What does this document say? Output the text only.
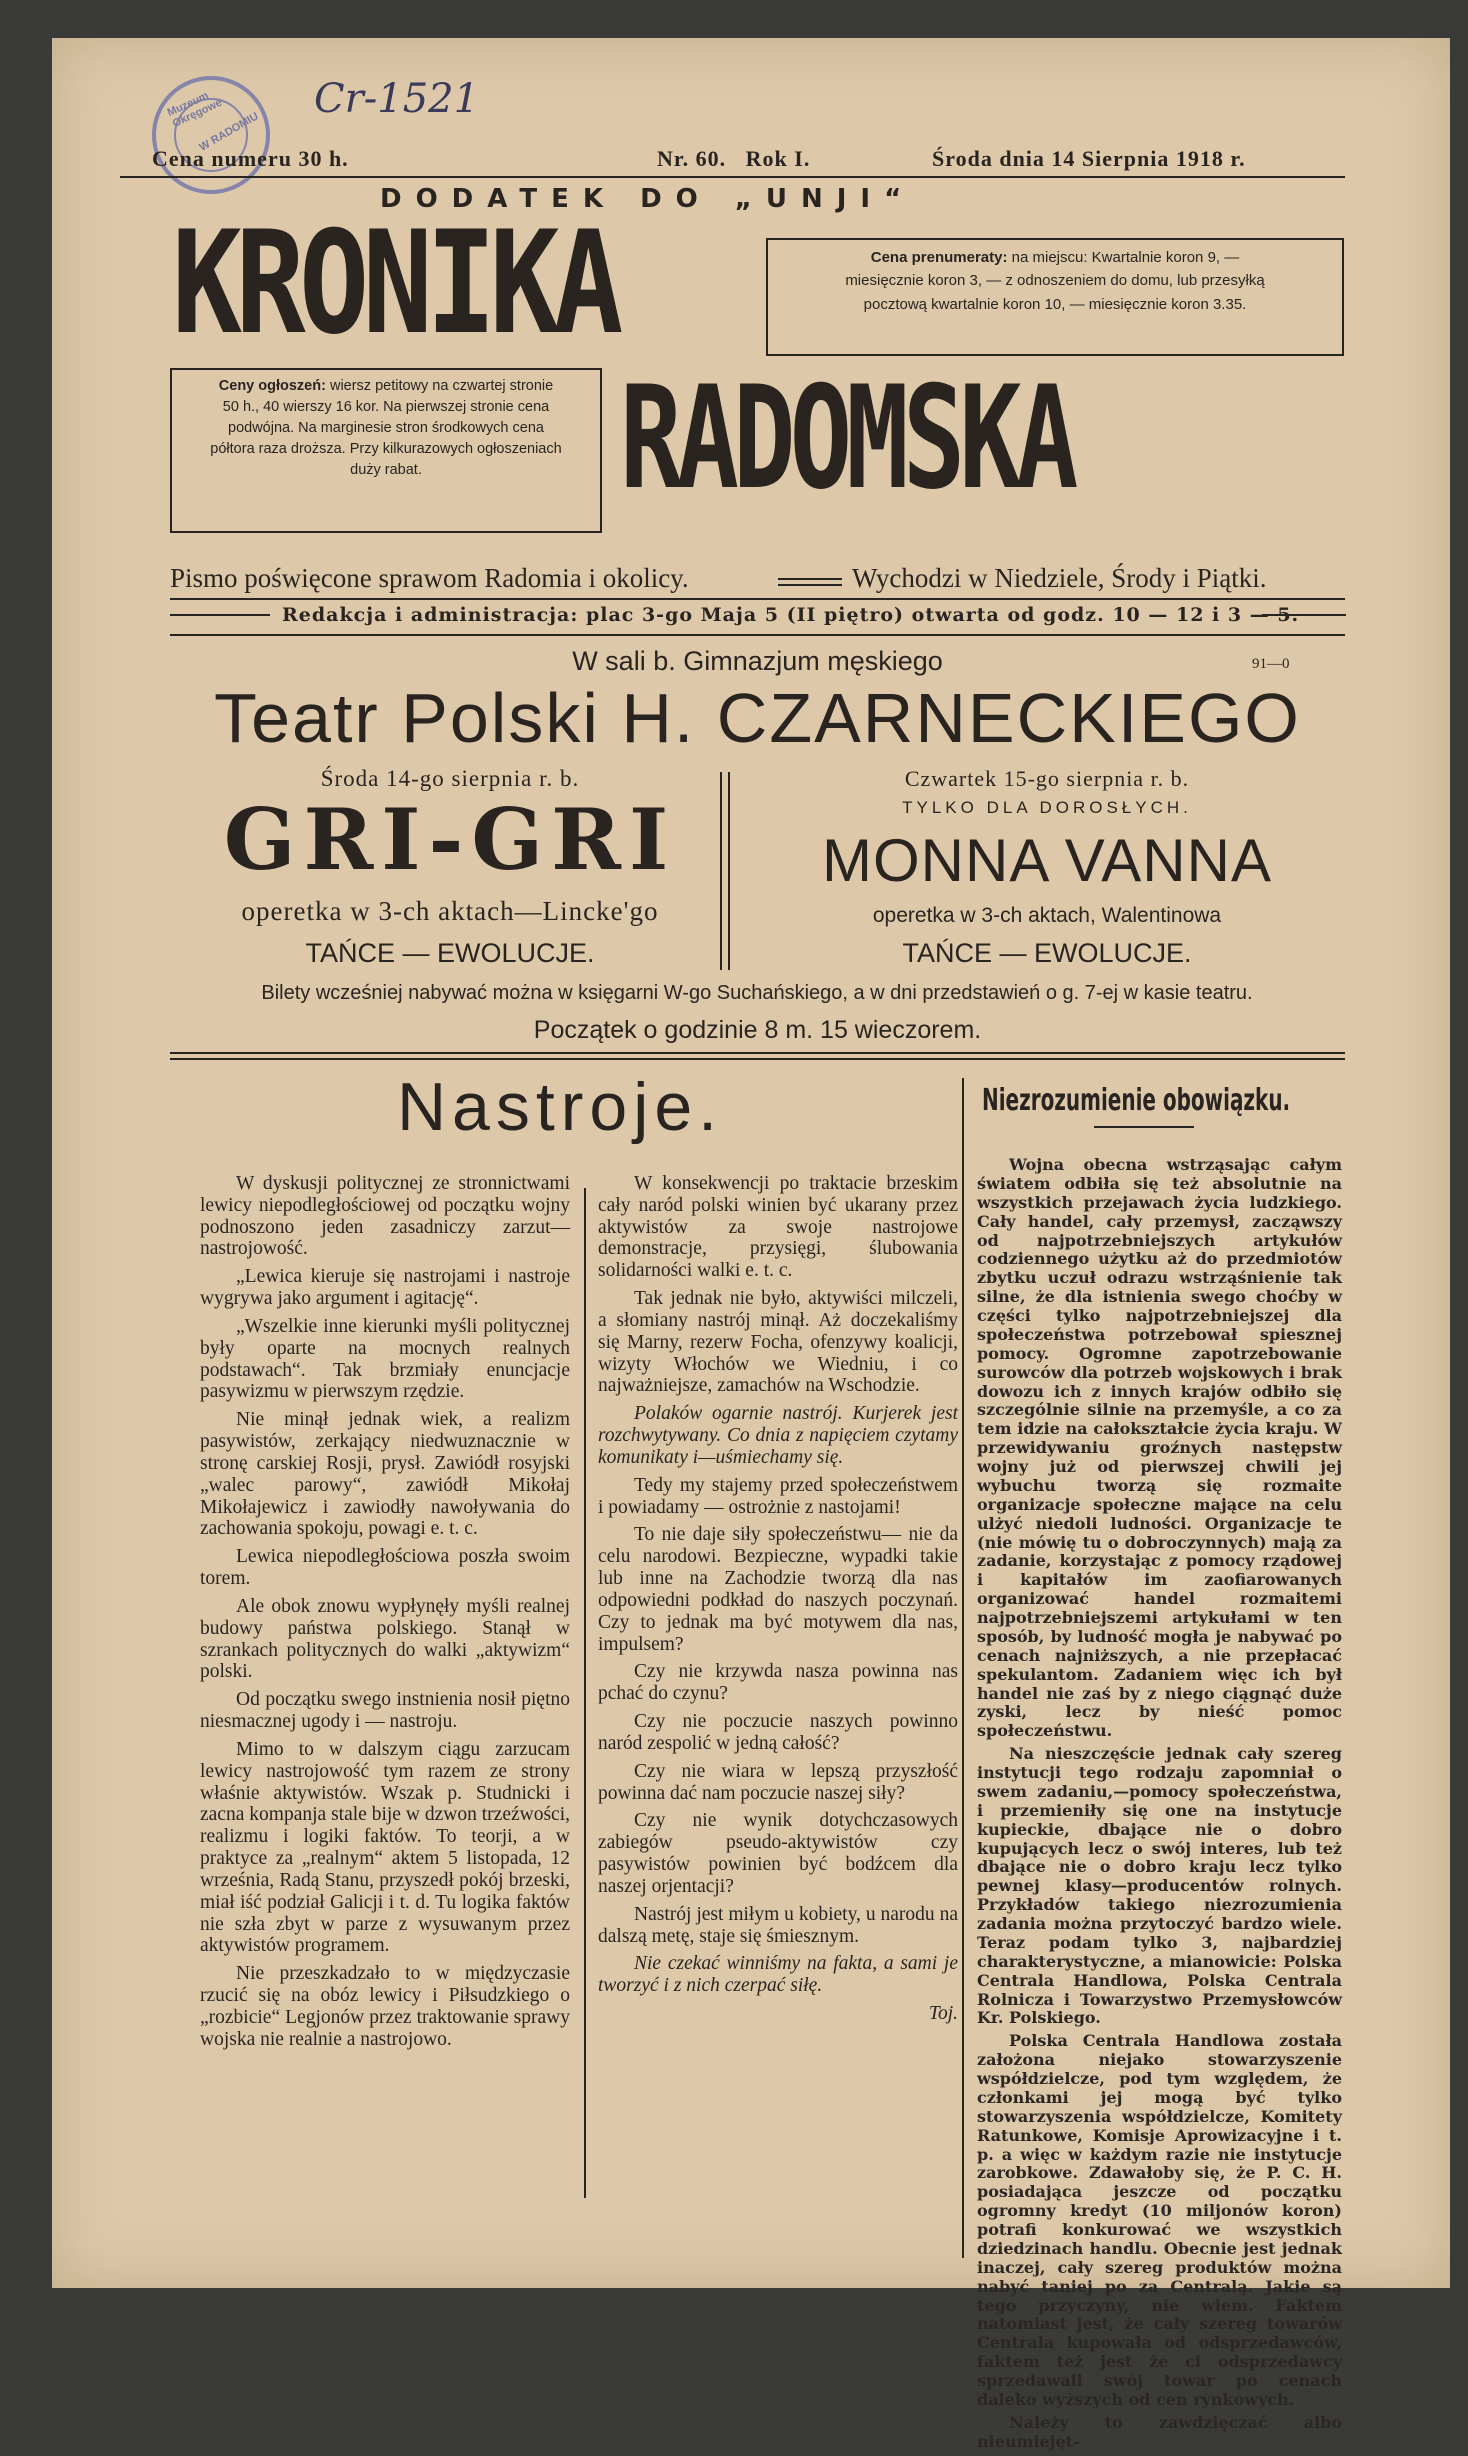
Muzeum Okręgowe
W RADOMIU
Cr-1521
Cena numeru 30 h.	Nr. 60.   Rok I.	Środa dnia 14 Sierpnia 1918 r.
DODATEK DO „UNJI“
KRONIKA
RADOMSKA
Cena prenumeraty: na miejscu: Kwartalnie koron 9, —
miesięcznie koron 3, — z odnoszeniem do domu, lub przesyłką
pocztową kwartalnie koron 10, — miesięcznie koron 3.35.
Ceny ogłoszeń: wiersz petitowy na czwartej stronie
50 h., 40 wierszy 16 kor. Na pierwszej stronie cena
podwójna. Na marginesie stron środkowych cena
półtora raza droższa. Przy kilkurazowych ogłoszeniach
duży rabat.
Pismo poświęcone sprawom Radomia i okolicy.	Wychodzi w Niedziele, Środy i Piątki.
Redakcja i administracja: plac 3-go Maja 5 (II piętro) otwarta od godz. 10 — 12 i 3 — 5.
W sali b. Gimnazjum męskiego	91—0
Teatr Polski H. CZARNECKIEGO
Środa 14-go sierpnia r. b.
GRI-GRI
operetka w 3-ch aktach—Lincke'go
TAŃCE — EWOLUCJE.
Czwartek 15-go sierpnia r. b.
TYLKO DLA DOROSŁYCH.
MONNA VANNA
operetka w 3-ch aktach, Walentinowa
TAŃCE — EWOLUCJE.
Bilety wcześniej nabywać można w księgarni W-go Suchańskiego, a w dni przedstawień o g. 7-ej w kasie teatru.
Początek o godzinie 8 m. 15 wieczorem.
Nastroje.

W dyskusji politycznej ze stronnictwami lewicy niepodległościowej od początku wojny podnoszono jeden zasadniczy zarzut—nastrojowość.

„Lewica kieruje się nastrojami i nastroje wygrywa jako argument i agitację“.

„Wszelkie inne kierunki myśli politycznej były oparte na mocnych realnych podstawach“. Tak brzmiały enuncjacje pasywizmu w pierwszym rzędzie.

Nie minął jednak wiek, a realizm pasywistów, zerkający niedwuznacznie w stronę carskiej Rosji, prysł. Zawiódł rosyjski „walec parowy“, zawiódł Mikołaj Mikołajewicz i zawiodły nawoływania do zachowania spokoju, powagi e. t. c.

Lewica niepodległościowa poszła swoim torem.

Ale obok znowu wypłynęły myśli realnej budowy państwa polskiego. Stanął w szrankach politycznych do walki „aktywizm“ polski.

Od początku swego instnienia nosił piętno niesmacznej ugody i — nastroju.

Mimo to w dalszym ciągu zarzucam lewicy nastrojowość tym razem ze strony właśnie aktywistów. Wszak p. Studnicki i zacna kompanja stale bije w dzwon trzeźwości, realizmu i logiki faktów. To teorji, a w praktyce za „realnym“ aktem 5 listopada, 12 września, Radą Stanu, przyszedł pokój brzeski, miał iść podział Galicji i t. d. Tu logika faktów nie szła zbyt w parze z wysuwanym przez aktywistów programem.

Nie przeszkadzało to w międzyczasie rzucić się na obóz lewicy i Piłsudzkiego o „rozbicie“ Legjonów przez traktowanie sprawy wojska nie realnie a nastrojowo.

W konsekwencji po traktacie brzeskim cały naród polski winien być ukarany przez aktywistów za swoje nastrojowe demonstracje, przysięgi, ślubowania solidarności walki e. t. c.

Tak jednak nie było, aktywiści milczeli, a słomiany nastrój minął. Aż doczekaliśmy się Marny, rezerw Focha, ofenzywy koalicji, wizyty Włochów we Wiedniu, i co najważniejsze, zamachów na Wschodzie.

Polaków ogarnie nastrój. Kurjerek jest rozchwytywany. Co dnia z napięciem czytamy komunikaty i—uśmiechamy się.

Tedy my stajemy przed społeczeństwem i powiadamy — ostrożnie z nastojami!

To nie daje siły społeczeństwu— nie da celu narodowi. Bezpieczne, wypadki takie lub inne na Zachodzie tworzą dla nas odpowiedni podkład do naszych poczynań. Czy to jednak ma być motywem dla nas, impulsem?

Czy nie krzywda nasza powinna nas pchać do czynu?

Czy nie poczucie naszych powinno naród zespolić w jedną całość?

Czy nie wiara w lepszą przyszłość powinna dać nam poczucie naszej siły?

Czy nie wynik dotychczasowych zabiegów pseudo-aktywistów czy pasywistów powinien być bodźcem dla naszej orjentacji?

Nastrój jest miłym u kobiety, u narodu na dalszą metę, staje się śmiesznym.

Nie czekać winniśmy na fakta, a sami je tworzyć i z nich czerpać siłę.

Toj.

Niezrozumienie obowiązku.

Wojna obecna wstrząsając całym światem odbiła się też absolutnie na wszystkich przejawach życia ludzkiego. Cały handel, cały przemysł, zacząwszy od najpotrzebniejszych artykułów codziennego użytku aż do przedmiotów zbytku uczuł odrazu wstrząśnienie tak silne, że dla istnienia swego choćby w części tylko najpotrzebniejszej dla społeczeństwa potrzebował spiesznej pomocy. Ogromne zapotrzebowanie surowców dla potrzeb wojskowych i brak dowozu ich z innych krajów odbiło się szczególnie silnie na przemyśle, a co za tem idzie na całokształcie życia kraju. W przewidywaniu groźnych następstw wojny już od pierwszej chwili jej wybuchu tworzą się rozmaite organizacje społeczne mające na celu ulżyć niedoli ludności. Organizacje te (nie mówię tu o dobroczynnych) mają za zadanie, korzystając z pomocy rządowej i kapitałów im zaofiarowanych organizować handel rozmaitemi najpotrzebniejszemi artykułami w ten sposób, by ludność mogła je nabywać po cenach najniższych, a nie przepłacać spekulantom. Zadaniem więc ich był handel nie zaś by z niego ciągnąć duże zyski, lecz by nieść pomoc społeczeństwu.

Na nieszczęście jednak cały szereg instytucji tego rodzaju zapomniał o swem zadaniu,—pomocy społeczeństwa, i przemieniły się one na instytucje kupieckie, dbające nie o dobro kupujących lecz o swój interes, lub też dbające nie o dobro kraju lecz tylko pewnej klasy—producentów rolnych. Przykładów takiego niezrozumienia zadania można przytoczyć bardzo wiele. Teraz podam tylko 3, najbardziej charakterystyczne, a mianowicie: Polska Centrala Handlowa, Polska Centrala Rolnicza i Towarzystwo Przemysłowców Kr. Polskiego.

Polska Centrala Handlowa została założona niejako stowarzyszenie współdzielcze, pod tym względem, że członkami jej mogą być tylko stowarzyszenia współdzielcze, Komitety Ratunkowe, Komisje Aprowizacyjne i t. p. a więc w każdym razie nie instytucje zarobkowe. Zdawałoby się, że P. C. H. posiadająca jeszcze od początku ogromny kredyt (10 miljonów koron) potrafi konkurować we wszystkich dziedzinach handlu. Obecnie jest jednak inaczej, cały szereg produktów można nabyć taniej po za Centralą. Jakie są tego przyczyny, nie wiem. Faktem natomiast jest, że cały szereg towarów Centrala kupowała od odsprzedawców, faktem też jest że ci odsprzedawcy sprzedawali swój towar po cenach daleko wyższych od cen rynkowych.

Należy to zawdzięczać albo nieumiejęt-
